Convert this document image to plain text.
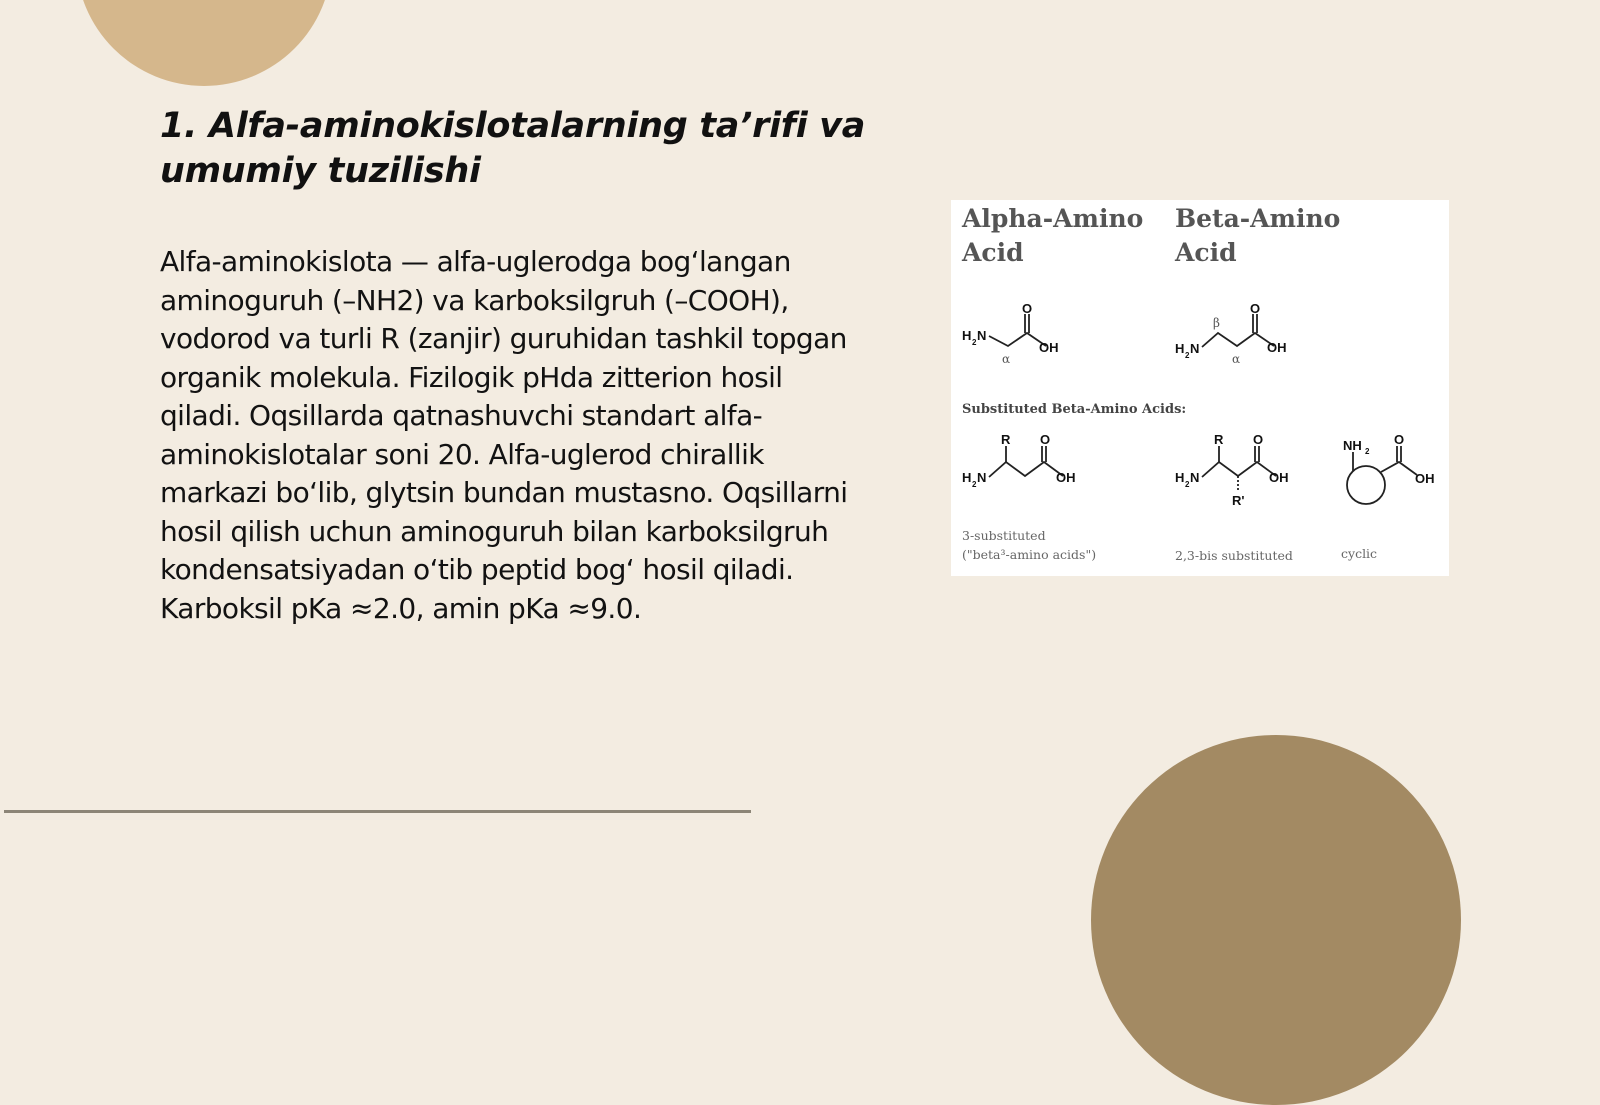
1. Alfa-aminokislotalarning ta’rifi va umumiy tuzilishi

Alfa-aminokislota — alfa-uglerodga bog‘langan aminoguruh (–NH2) va karboksilgruh (–COOH), vodorod va turli R (zanjir) guruhidan tashkil topgan organik molekula. Fizilogik pHda zitterion hosil qiladi. Oqsillarda qatnashuvchi standart alfa-aminokislotalar soni 20. Alfa-uglerod chirallik markazi bo‘lib, glytsin bundan mustasno. Oqsillarni hosil qilish uchun aminoguruh bilan karboksilgruh kondensatsiyadan o‘tib peptid bog‘ hosil qiladi. Karboksil pKa ≈2.0, amin pKa ≈9.0.

Alpha-Amino
Acid
Beta-Amino
Acid
H 2 N
O
OH
α
H 2 N
O
OH
β
α
Substituted Beta-Amino Acids:
H 2 N
R O
OH
3-substituted
("beta³-amino acids")
H 2 N
R
R'
O
OH
2,3-bis substituted
NH 2
O
OH
cyclic
